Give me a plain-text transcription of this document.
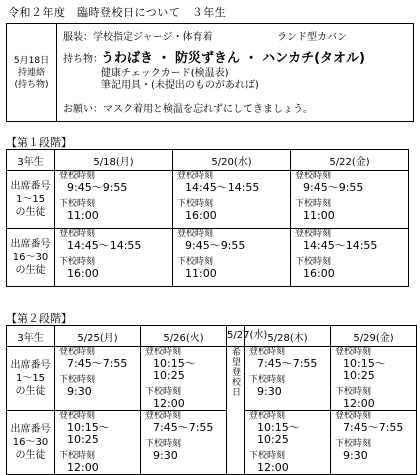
令和２年度　臨時登校日について　３年生
5月18日
持連絡
(持ち物)
服装：学校指定ジャージ・体育着	ランド型カバン
持ち物：
うわばき ・ 防災ずきん ・ ハンカチ(タオル)
健康チェックカード(検温表)
筆記用具・(未提出のものがあれば)
お願い：マスク着用と検温を忘れずにしてきましょう。
【第１段階】
3年生	5/18(月)	5/20(水)	5/22(金)
出席番号
1〜15
の生徒	登校時刻
9:45〜9:55
下校時刻
11:00	登校時刻
14:45〜14:55
下校時刻
16:00	登校時刻
9:45〜9:55
下校時刻
11:00

出席番号
16〜30
の生徒	登校時刻
14:45〜14:55
下校時刻
16:00	登校時刻
9:45〜9:55
下校時刻
11:00	登校時刻
14:45〜14:55
下校時刻
16:00
【第２段階】
3年生	5/25(月)	5/26(火)	5/27(水)	5/28(木)	5/29(金)
出席番号
1〜15
の生徒	登校時刻
7:45〜7:55
下校時刻
9:30	登校時刻
10:15〜10:25
下校時刻
12:00	希望登校日	登校時刻
7:45〜7:55
下校時刻
9:30	登校時刻
10:15〜10:25
下校時刻
12:00

出席番号
16〜30
の生徒	登校時刻
10:15〜10:25
下校時刻
12:00	登校時刻
7:45〜7:55
下校時刻
9:30		登校時刻
10:15〜10:25
下校時刻
12:00	登校時刻
7:45〜7:55
下校時刻
9:30
